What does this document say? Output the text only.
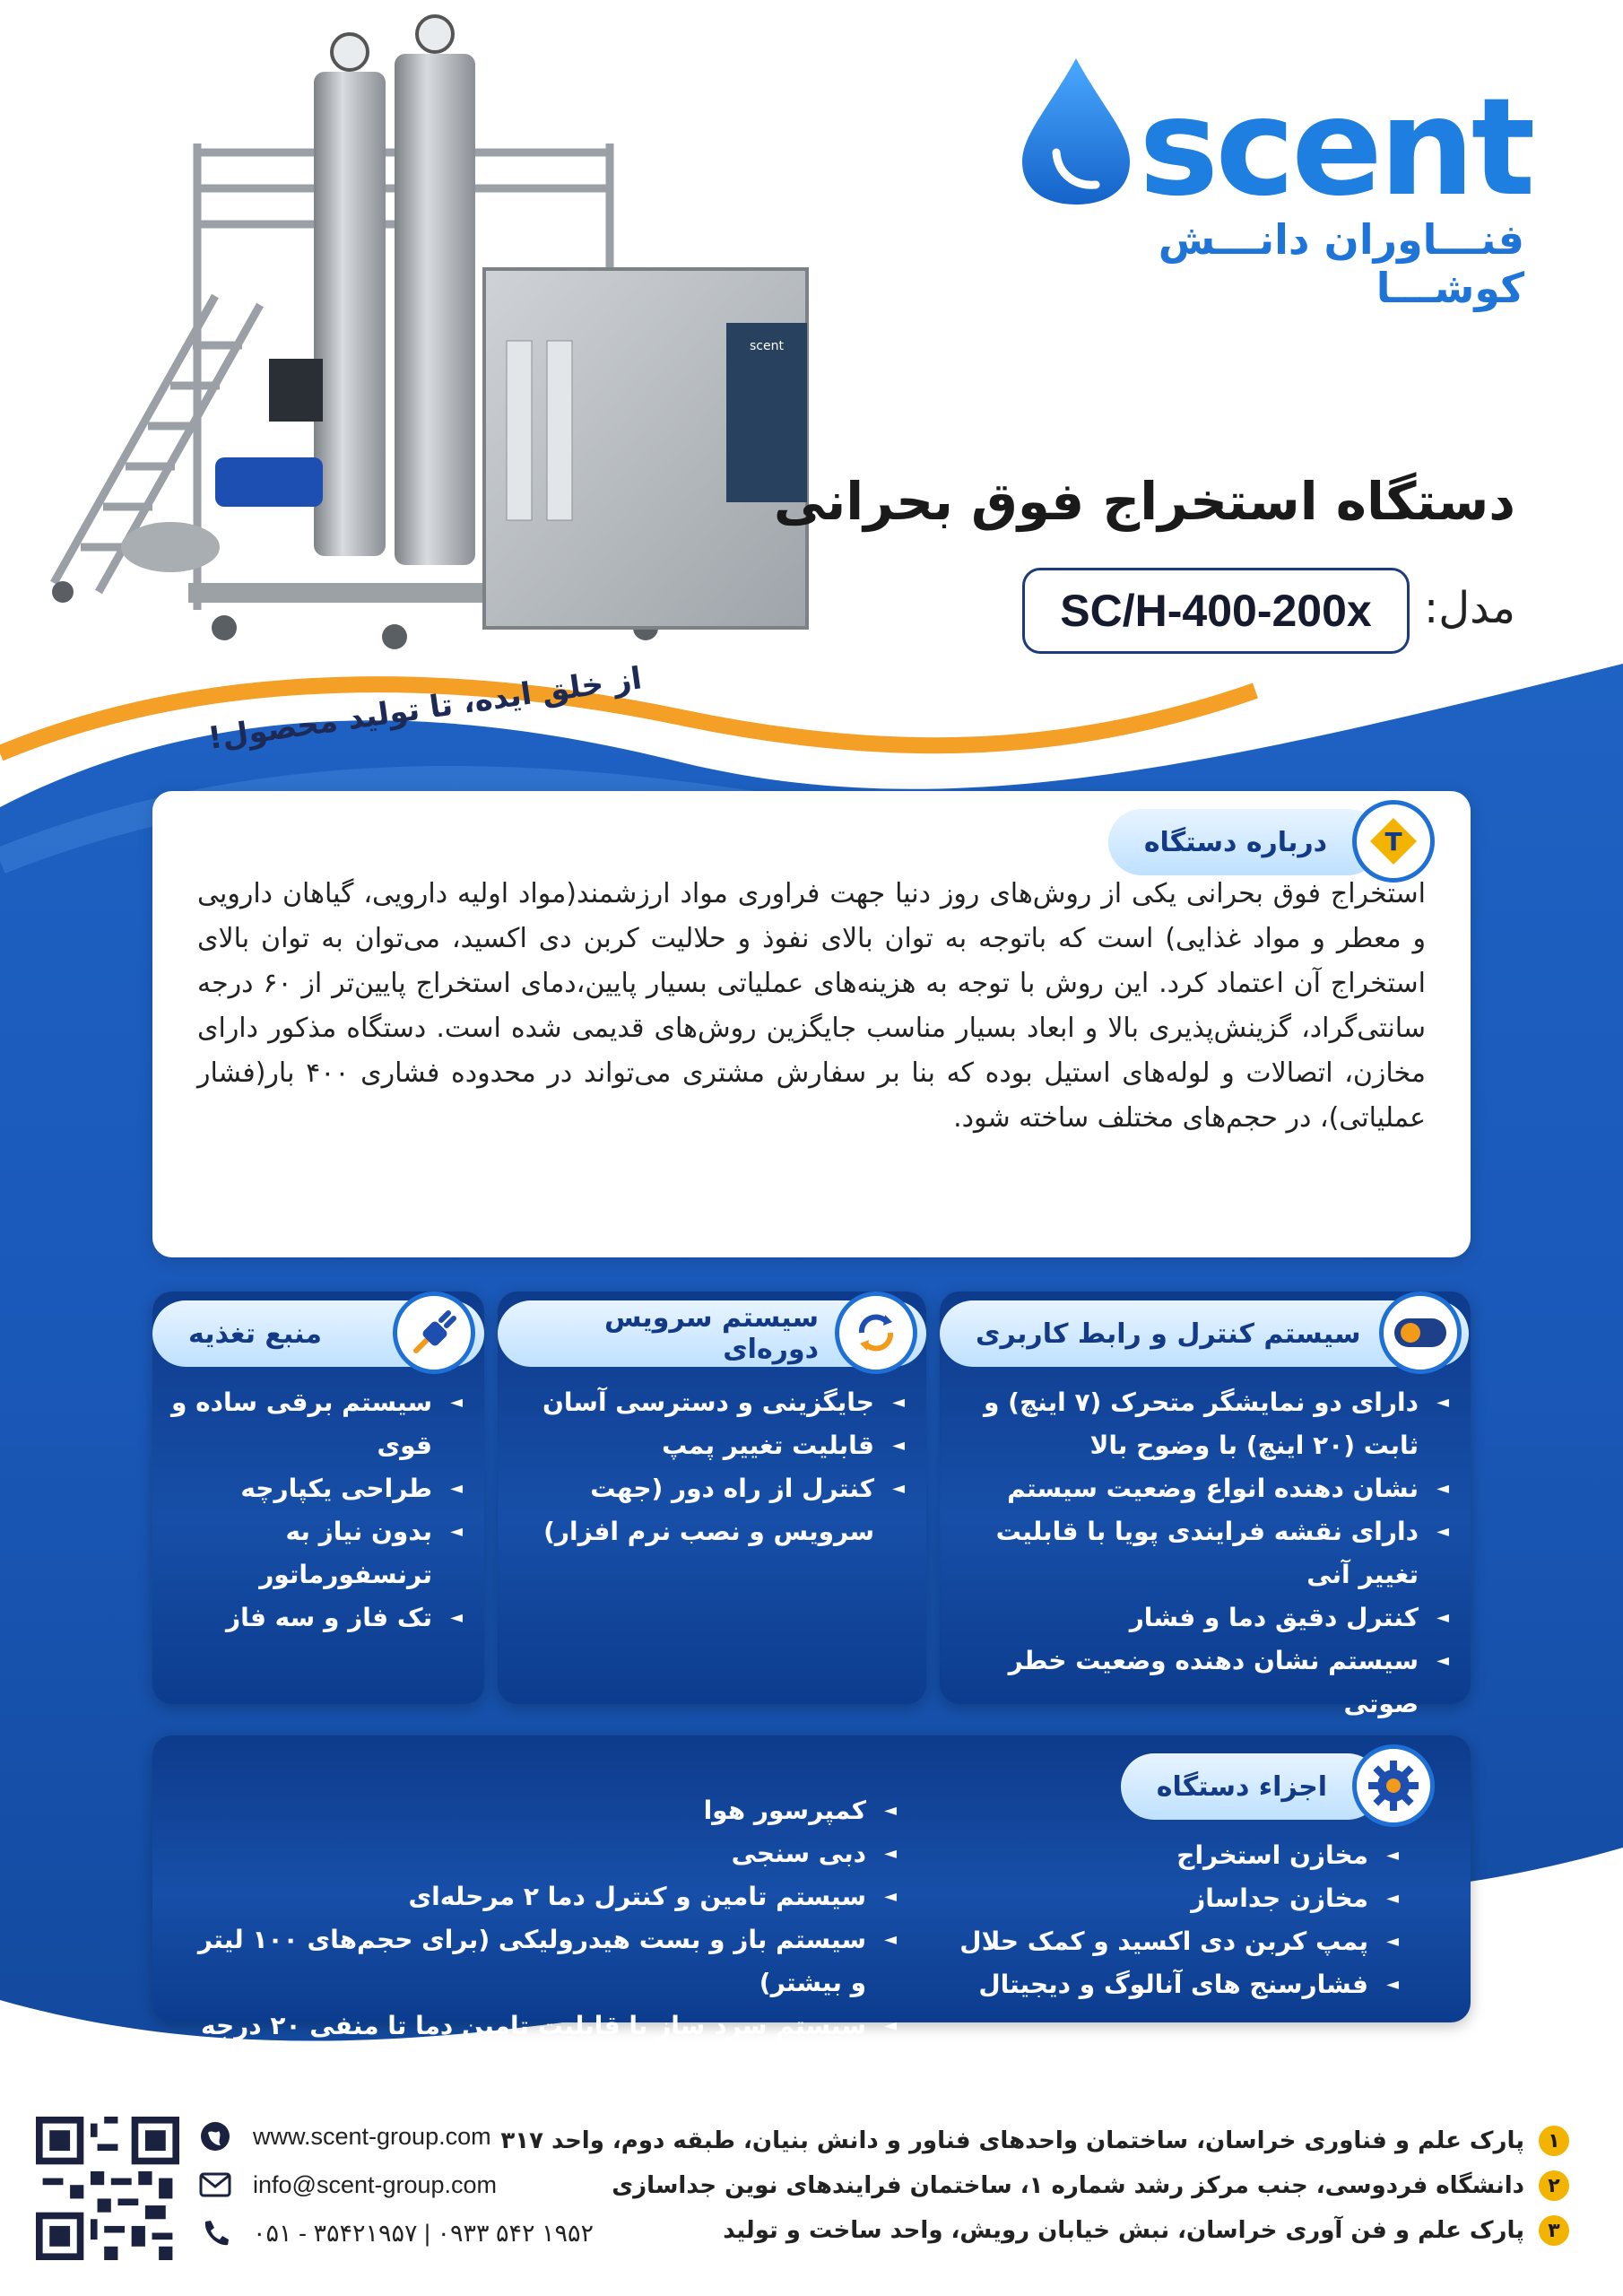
از خلق ایده، تا تولید محصول!
scent
scent
فنـــاوران دانـــش کوشـــا
دستگاه استخراج فوق بحرانی
مدل:
SC/H-400-200x
درباره دستگاه T
استخراج فوق بحرانی یکی از روش‌های روز دنیا جهت فراوری مواد ارزشمند(مواد اولیه دارویی، گیاهان دارویی و معطر و مواد غذایی) است که باتوجه به توان بالای نفوذ و حلالیت کربن دی اکسید، می‌توان به توان بالای استخراج آن اعتماد کرد. این روش با توجه به هزینه‌های عملیاتی بسیار پایین،دمای استخراج پایین‌تر از ۶۰ درجه سانتی‌گراد، گزینش‌پذیری بالا و ابعاد بسیار مناسب جایگزین روش‌های قدیمی شده است. دستگاه مذکور دارای مخازن، اتصالات و لوله‌های استیل بوده که بنا بر سفارش مشتری می‌تواند در محدوده فشاری ۴۰۰ بار(فشار عملیاتی)، در حجم‌های مختلف ساخته شود.
سیستم کنترل و رابط کاربری
◄ دارای دو نمایشگر متحرک (۷ اینچ) و ثابت (۲۰ اینچ) با وضوح بالا
◄ نشان دهنده انواع وضعیت سیستم
◄ دارای نقشه فرایندی پویا با قابلیت تغییر آنی
◄ کنترل دقیق دما و فشار
◄ سیستم نشان دهنده وضعیت خطر صوتی
سیستم سرویس دوره‌ای
◄ جایگزینی و دسترسی آسان
◄ قابلیت تغییر پمپ
◄ کنترل از راه دور (جهت سرویس و نصب نرم افزار)
منبع تغذیه
◄ سیستم برقی ساده و قوی
◄ طراحی یکپارچه
◄ بدون نیاز به ترنسفورماتور
◄ تک فاز و سه فاز
اجزاء دستگاه
◄ مخازن استخراج
◄ مخازن جداساز
◄ پمپ کربن دی اکسید و کمک حلال
◄ فشارسنج های آنالوگ و دیجیتال
◄ کمپرسور هوا
◄ دبی سنجی
◄ سیستم تامین و کنترل دما ۲ مرحله‌ای
◄ سیستم باز و بست هیدرولیکی (برای حجم‌های ۱۰۰ لیتر و بیشتر)
◄ سیستم سرد ساز با قابلیت تامین دما تا منفی ۲۰ درجه سانتیگراد
www.scent-group.com
info@scent-group.com
۰۵۱ - ۳۵۴۲۱۹۵۷ | ۰۹۳۳ ۵۴۲ ۱۹۵۲
۱
پارک علم و فناوری خراسان، ساختمان واحدهای فناور و دانش بنیان، طبقه دوم، واحد ۳۱۷
۲
دانشگاه فردوسی، جنب مرکز رشد شماره ۱، ساختمان فرایندهای نوین جداسازی
۳
پارک علم و فن آوری خراسان، نبش خیابان رویش، واحد ساخت و تولید
